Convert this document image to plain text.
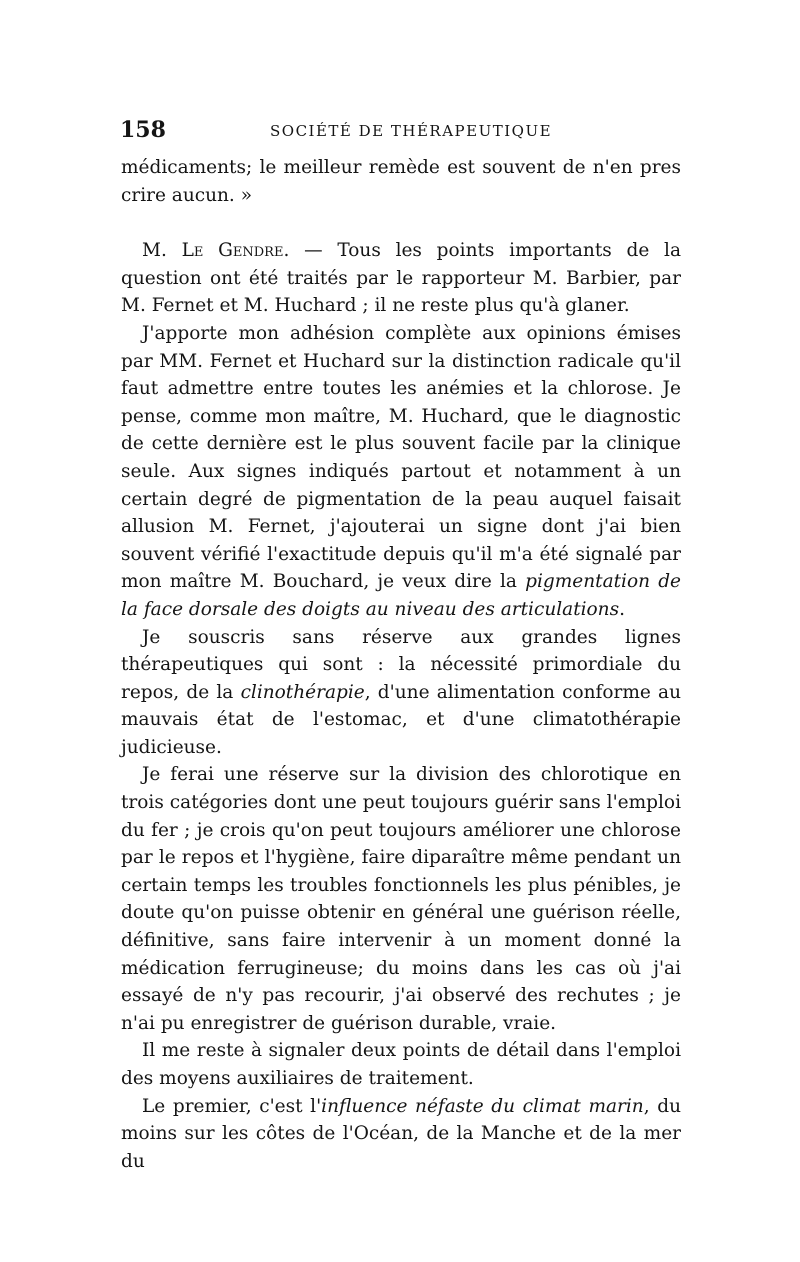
158	SOCIÉTÉ DE THÉRAPEUTIQUE

médicaments; le meilleur remède est souvent de n'en pres crire aucun. »

M. Le Gendre. — Tous les points importants de la question ont été traités par le rapporteur M. Barbier, par M. Fernet et M. Huchard ; il ne reste plus qu'à glaner.

J'apporte mon adhésion complète aux opinions émises par MM. Fernet et Huchard sur la distinction radicale qu'il faut admettre entre toutes les anémies et la chlorose. Je pense, comme mon maître, M. Huchard, que le diagnostic de cette dernière est le plus souvent facile par la clinique seule. Aux signes indiqués partout et notamment à un certain degré de pigmentation de la peau auquel faisait allusion M. Fernet, j'ajouterai un signe dont j'ai bien souvent vérifié l'exactitude depuis qu'il m'a été signalé par mon maître M. Bouchard, je veux dire la pigmentation de la face dorsale des doigts au niveau des articulations.

Je souscris sans réserve aux grandes lignes thérapeutiques qui sont : la nécessité primordiale du repos, de la clinothérapie, d'une alimentation conforme au mauvais état de l'estomac, et d'une climatothérapie judicieuse.

Je ferai une réserve sur la division des chlorotique en trois catégories dont une peut toujours guérir sans l'emploi du fer ; je crois qu'on peut toujours améliorer une chlorose par le repos et l'hygiène, faire diparaître même pendant un certain temps les troubles fonctionnels les plus pénibles, je doute qu'on puisse obtenir en général une guérison réelle, définitive, sans faire intervenir à un moment donné la médication ferrugineuse; du moins dans les cas où j'ai essayé de n'y pas recourir, j'ai observé des rechutes ; je n'ai pu enregistrer de guérison durable, vraie.

Il me reste à signaler deux points de détail dans l'emploi des moyens auxiliaires de traitement.

Le premier, c'est l'influence néfaste du climat marin, du moins sur les côtes de l'Océan, de la Manche et de la mer du
